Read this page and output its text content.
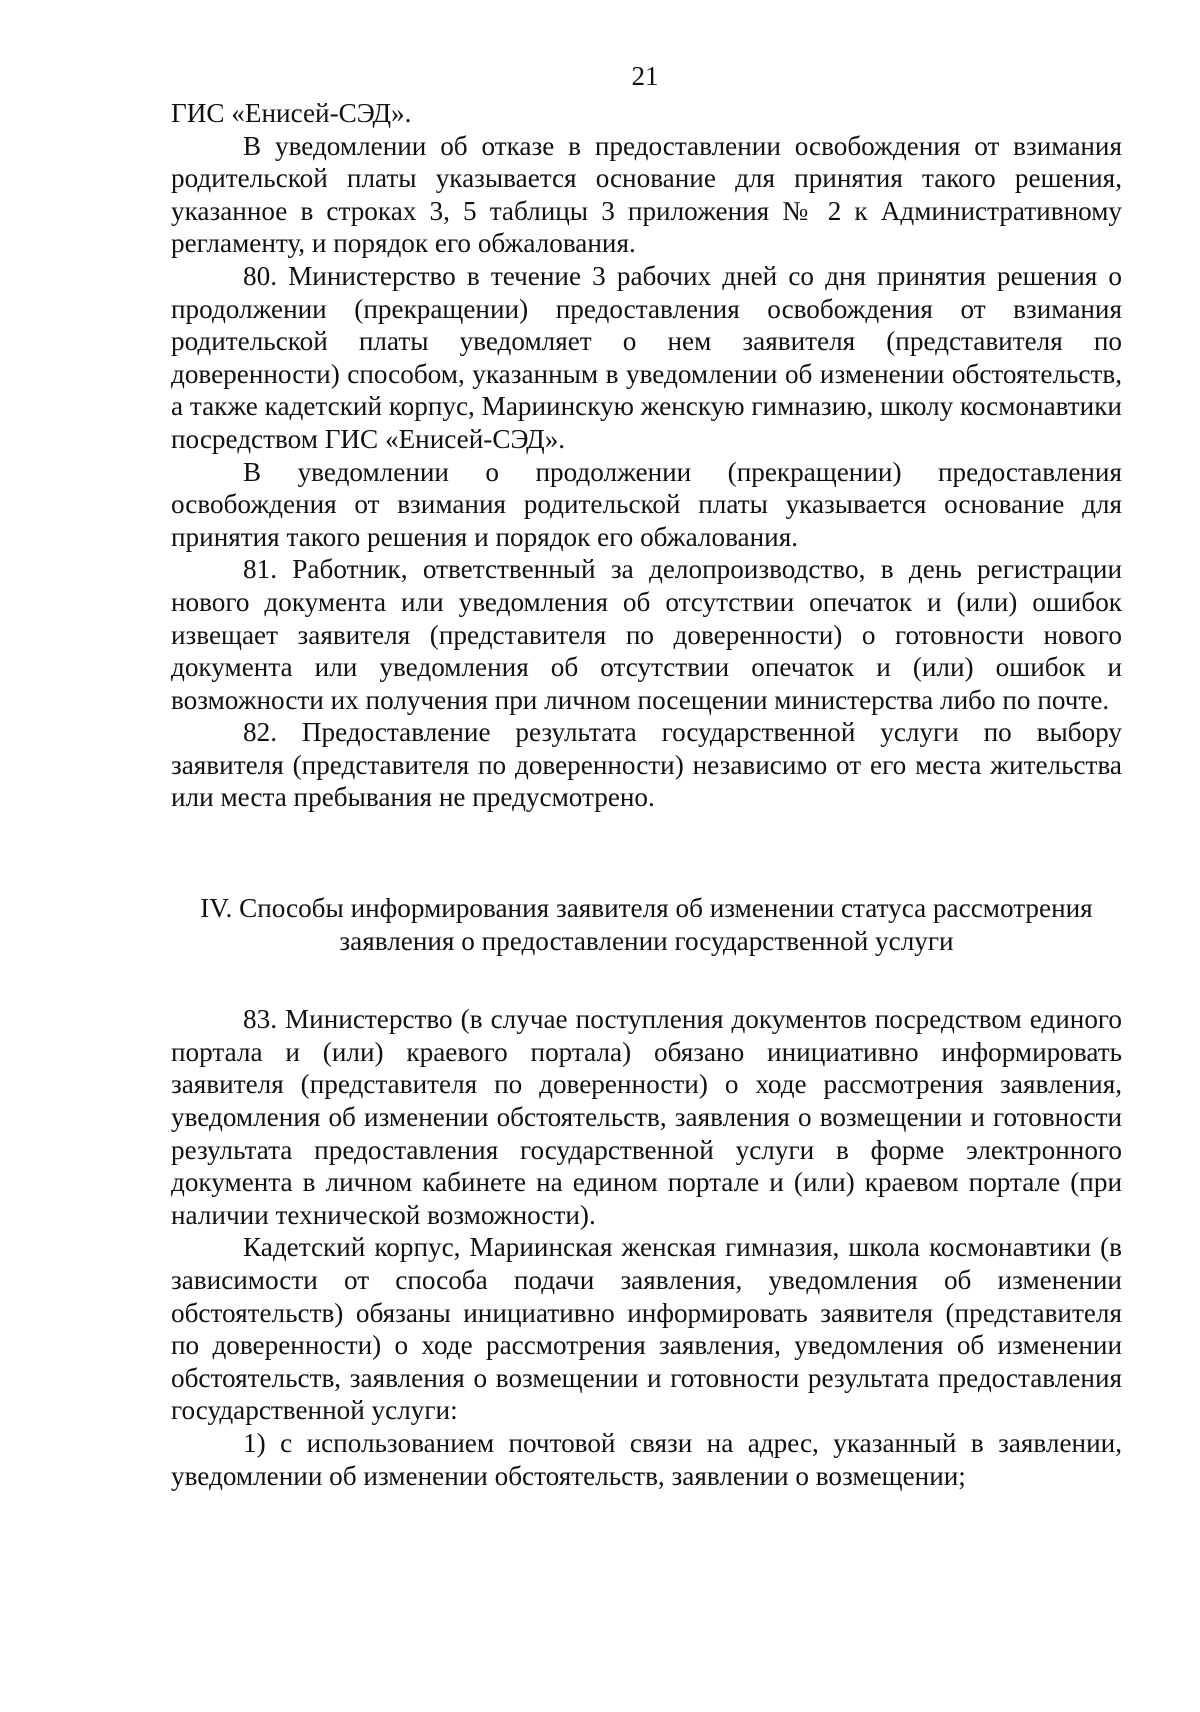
21

ГИС «Енисей-СЭД».

В уведомлении об отказе в предоставлении освобождения от взимания родительской платы указывается основание для принятия такого решения, указанное в строках 3, 5 таблицы 3 приложения № 2 к Административному регламенту, и порядок его обжалования.

80. Министерство в течение 3 рабочих дней со дня принятия решения о продолжении (прекращении) предоставления освобождения от взимания родительской платы уведомляет о нем заявителя (представителя по доверенности) способом, указанным в уведомлении об изменении обстоятельств, а также кадетский корпус, Мариинскую женскую гимназию, школу космонавтики посредством ГИС «Енисей-СЭД».

В уведомлении о продолжении (прекращении) предоставления освобождения от взимания родительской платы указывается основание для принятия такого решения и порядок его обжалования.

81. Работник, ответственный за делопроизводство, в день регистрации нового документа или уведомления об отсутствии опечаток и (или) ошибок извещает заявителя (представителя по доверенности) о готовности нового документа или уведомления об отсутствии опечаток и (или) ошибок и возможности их получения при личном посещении министерства либо по почте.

82. Предоставление результата государственной услуги по выбору заявителя (представителя по доверенности) независимо от его места жительства или места пребывания не предусмотрено.

IV. Способы информирования заявителя об изменении статуса рассмотрения
заявления о предоставлении государственной услуги

83. Министерство (в случае поступления документов посредством единого портала и (или) краевого портала) обязано инициативно информировать заявителя (представителя по доверенности) о ходе рассмотрения заявления, уведомления об изменении обстоятельств, заявления о возмещении и готовности результата предоставления государственной услуги в форме электронного документа в личном кабинете на едином портале и (или) краевом портале (при наличии технической возможности).

Кадетский корпус, Мариинская женская гимназия, школа космонавтики (в зависимости от способа подачи заявления, уведомления об изменении обстоятельств) обязаны инициативно информировать заявителя (представителя по доверенности) о ходе рассмотрения заявления, уведомления об изменении обстоятельств, заявления о возмещении и готовности результата предоставления государственной услуги:

1) с использованием почтовой связи на адрес, указанный в заявлении, уведомлении об изменении обстоятельств, заявлении о возмещении;
